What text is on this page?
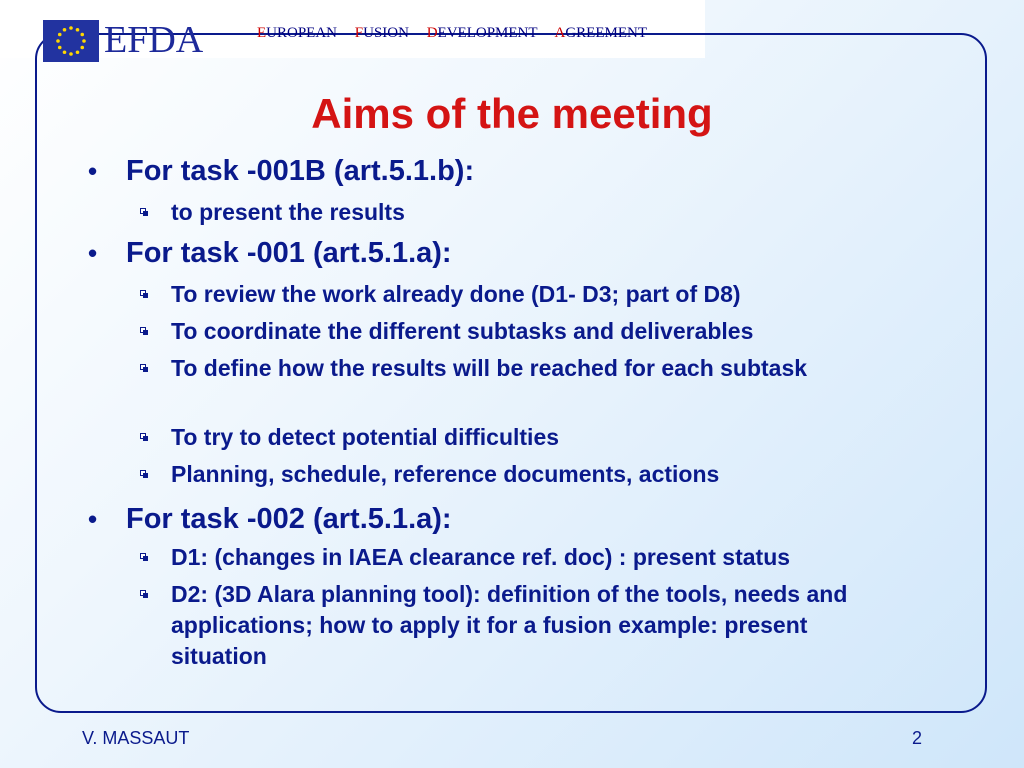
EFDA	EUROPEAN FUSION DEVELOPMENT AGREEMENT
Aims of the meeting
• For task -001B (art.5.1.b):
to present the results
• For task -001 (art.5.1.a):
To review the work already done (D1- D3; part of D8)
To coordinate the different subtasks and deliverables
To define how the results will be reached for each subtask
To try to detect potential difficulties
Planning, schedule, reference documents, actions
• For task -002 (art.5.1.a):
D1: (changes in IAEA clearance ref. doc) : present status
D2: (3D Alara planning tool): definition of the tools, needs and applications; how to apply it for a fusion example: present situation
V. MASSAUT	2
